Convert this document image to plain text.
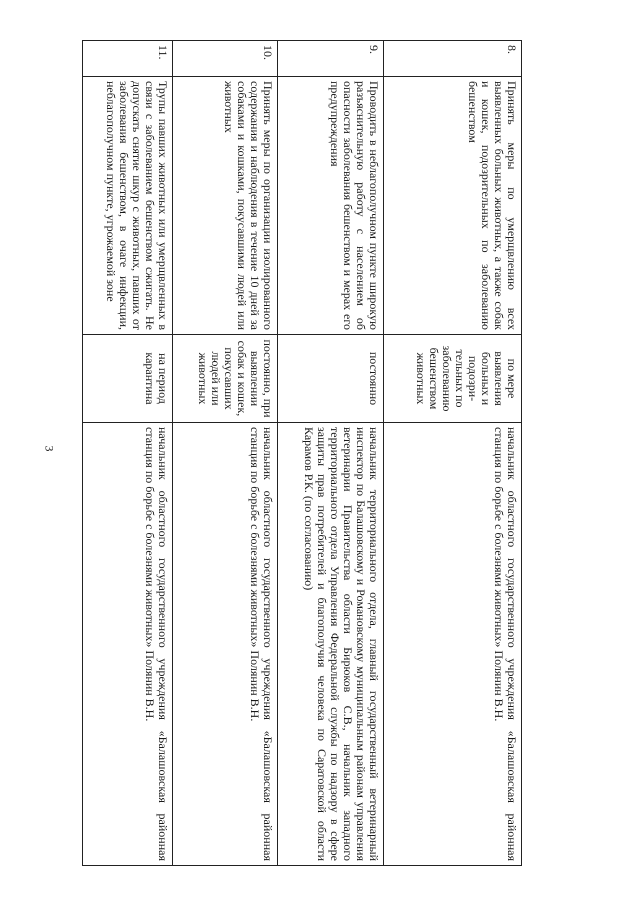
3
8.	Принять меры по умерщвлению всех выявленных больных животных, а также собак и кошек, подозрительных по заболеванию бешенством	по мере выявления больных и подозри-тельных по заболеванию бешенством животных	начальник областного государственного учреждения «Балашовская районная станция по борьбе с болезнями животных» Полянин В.Н.
9.	Проводить в неблагополучном пункте широкую разъяснительную работу с населением об опасности заболевания бешенством и мерах его предупреждения	постоянно	начальник территориального отдела, главный государственный ветеринарный инспектор по Балашовскому и Романовскому муниципальным районам управления ветеринарии Правительства области Бирюков С.В., начальник западного территориального отдела Управления Федеральной службы по надзору в сфере защиты прав потребителей и благополучия человека по Саратовской области Карамов Р.К. (по согласованию)
10.	Принять меры по организации изолированного содержания и наблюдения в течение 10 дней за собаками и кошками, покусавшими людей или животных	постоянно, при выявлении собак и кошек, покусавших людей или животных	начальник областного государственного учреждения «Балашовская районная станция по борьбе с болезнями животных» Полянин В.Н.
11.	Трупы павших животных или умерщвленных в связи с заболеванием бешенством сжигать. Не допускать снятие шкур с животных, павших от заболевания бешенством, в очаге инфекции, неблагополучном пункте, угрожаемой зоне	на период карантина	начальник областного государственного учреждения «Балашовская районная станция по борьбе с болезнями животных» Полянин В.Н.
